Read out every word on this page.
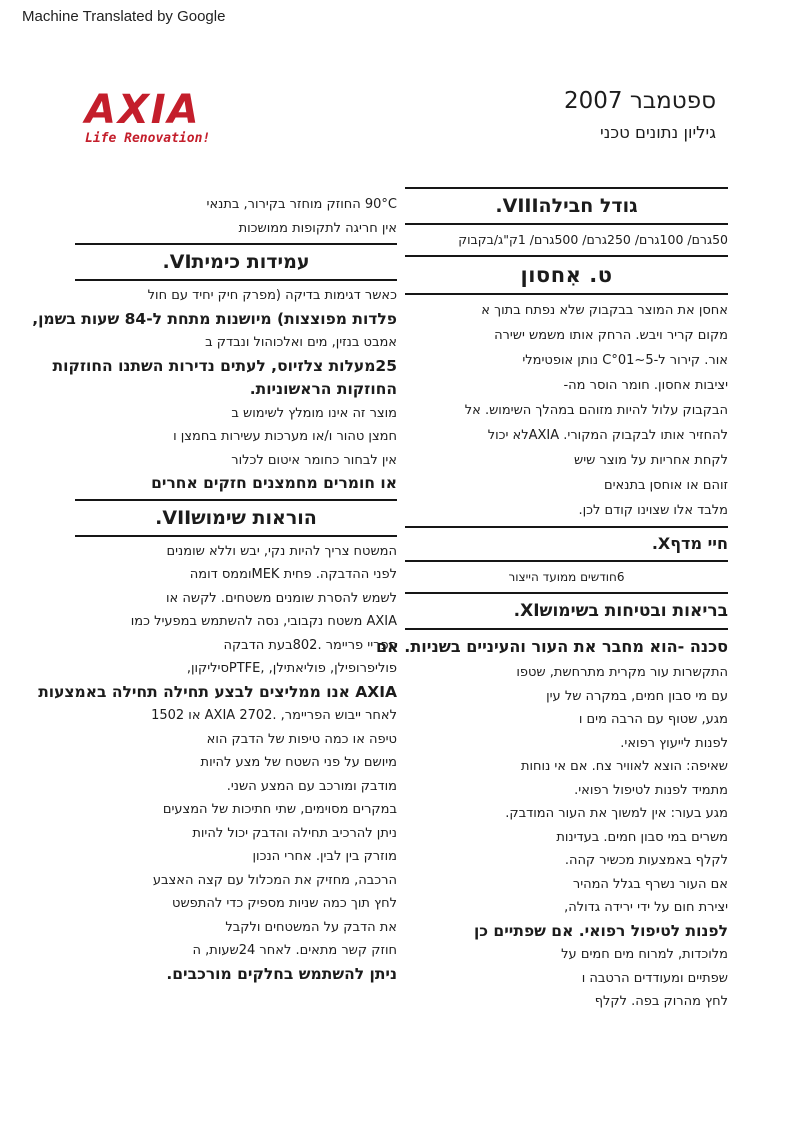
Machine Translated by Google
AXIA
Life Renovation!
ספטמבר 2007
גיליון נתונים טכני
90°C החוזק מוחזר בקירור, בתנאי
אין חריגה לתקופות ממושכות
עמידות כימיתVI.
כאשר דגימות בדיקה (מפרק חיק יחיד עם חול
פלדות מפוצצות) מיושנות מתחת ל-84 שעות בשמן,
אמבט בנזין, מים ואלכוהול ונבדק ב
25מעלות צלזיוס, לעתים נדירות השתנו החוזקות
החוזקות הראשוניות.
מוצר זה אינו מומלץ לשימוש ב
חמצן טהור ו/או מערכות עשירות בחמצן ו
אין לבחור כחומר איטום לכלור
או חומרים מחמצנים חזקים אחרים
הוראות שימושVII.
המשטח צריך להיות נקי, יבש וללא שומנים
לפני ההדבקה. פחית MEKוממס דומה
לשמש להסרת שומנים משטחים. לקשה או
AXIA משטח נקבובי, נסה להשתמש במפעיל כמו
ספריי פריימר .802בעת הדבקה
פוליפרופילן, פוליאתילן, ,PTFEסיליקון,
AXIA אנו ממליצים לבצע תחילה תחילה באמצעות
לאחר ייבוש הפריימר, .AXIA 2702 או 1502
טיפה או כמה טיפות של הדבק הוא
מיושם על פני השטח של מצע להיות
מודבק ומורכב עם המצע השני.
במקרים מסוימים, שתי חתיכות של המצעים
ניתן להרכיב תחילה והדבק יכול להיות
מוזרק בין לבין. אחרי הנכון
הרכבה, מחזיק את המכלול עם קצה האצבע
לחץ תוך כמה שניות מספיק כדי להתפשט
את הדבק על המשטחים ולקבל
חוזק קשר מתאים. לאחר 24שעות, ה
ניתן להשתמש בחלקים מורכבים.
גודל חבילהVIII.
50גרם/ 100גרם/ 250גרם/ 500גרם/ 1ק"ג/בקבוק
ט. אִחסון
אחסן את המוצר בבקבוק שלא נפתח בתוך א
מקום קריר ויבש. הרחק אותו משמש ישירה
אור. קירור ל-5~C°01 נותן אופטימלי
יציבות אחסון. חומר הוסר מה-
הבקבוק עלול להיות מזוהם במהלך השימוש. אל
להחזיר אותו לבקבוק המקורי. AXIAלא יכול
לקחת אחריות על מוצר שיש
זוהם או אוחסן בתנאים
מלבד אלו שצוינו קודם לכן.
חיי מדףX.
6חודשים ממועד הייצור
בריאות ובטיחות בשימושXI.
סכנה -הוא מחבר את העור והעיניים בשניות. אם
התקשרות עור מקרית מתרחשת, שטפו
עם מי סבון חמים, במקרה של עין
מגע, שטוף עם הרבה מים ו
לפנות לייעוץ רפואי.
שאיפה: הוצא לאוויר צח. אם אי נוחות
מתמיד לפנות לטיפול רפואי.
מגע בעור: אין למשוך את העור המודבק.
משרים במי סבון חמים. בעדינות
לקלף באמצעות מכשיר קהה.
אם העור נשרף בגלל המהיר
יצירת חום על ידי ירידה גדולה,
לפנות לטיפול רפואי. אם שפתיים כן
מלוכדות, למרוח מים חמים על
שפתיים ומעודדים הרטבה ו
לחץ מהרוק בפה. לקלף
